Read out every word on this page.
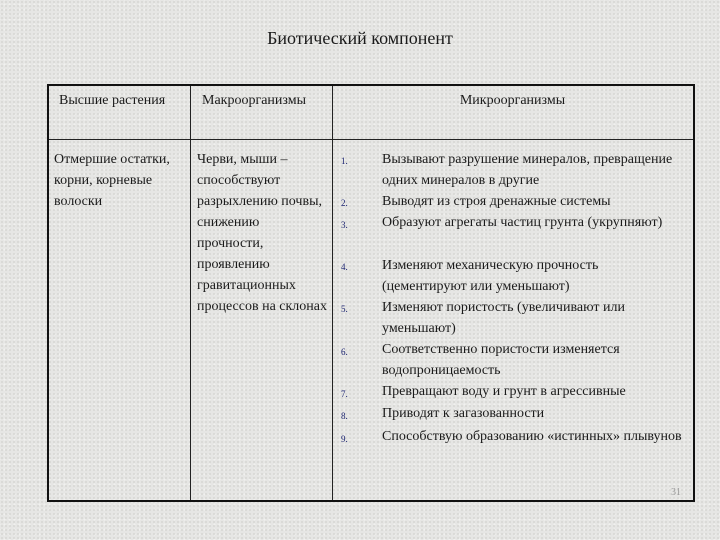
Биотический компонент
Высшие растения	Макроорганизмы	Микроорганизмы
Отмершие остатки, корни, корневые волоски
Черви, мыши – способствуют разрыхлению почвы, снижению прочности, проявлению гравитационных процессов на склонах
1. Вызывают разрушение минералов, превращение одних минералов в другие
2. Выводят из строя дренажные системы
3. Образуют агрегаты частиц грунта (укрупняют)
4. Изменяют механическую прочность (цементируют или уменьшают)
5. Изменяют пористость (увеличивают или уменьшают)
6. Соответственно пористости изменяется водопроницаемость
7. Превращают воду и грунт в агрессивные
8. Приводят к загазованности
9. Способствую образованию «истинных» плывунов
31
